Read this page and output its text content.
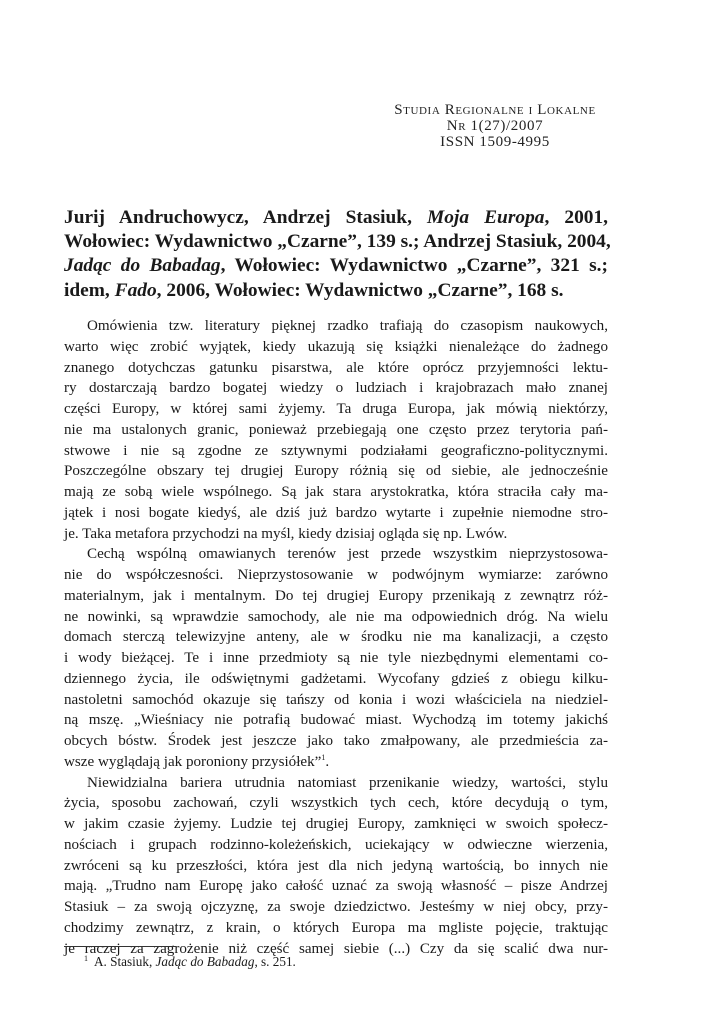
Studia Regionalne i Lokalne
Nr 1(27)/2007
ISSN 1509-4995
Jurij Andruchowycz, Andrzej Stasiuk, Moja Europa, 2001,
Wołowiec: Wydawnictwo „Czarne”, 139 s.; Andrzej Stasiuk, 2004,
Jadąc do Babadag, Wołowiec: Wydawnictwo „Czarne”, 321 s.;
idem, Fado, 2006, Wołowiec: Wydawnictwo „Czarne”, 168 s.
Omówienia tzw. literatury pięknej rzadko trafiają do czasopism naukowych,
warto więc zrobić wyjątek, kiedy ukazują się książki nienależące do żadnego
znanego dotychczas gatunku pisarstwa, ale które oprócz przyjemności lektu-
ry dostarczają bardzo bogatej wiedzy o ludziach i krajobrazach mało znanej
części Europy, w której sami żyjemy. Ta druga Europa, jak mówią niektórzy,
nie ma ustalonych granic, ponieważ przebiegają one często przez terytoria pań-
stwowe i nie są zgodne ze sztywnymi podziałami geograficzno-politycznymi.
Poszczególne obszary tej drugiej Europy różnią się od siebie, ale jednocześnie
mają ze sobą wiele wspólnego. Są jak stara arystokratka, która straciła cały ma-
jątek i nosi bogate kiedyś, ale dziś już bardzo wytarte i zupełnie niemodne stro-
je. Taka metafora przychodzi na myśl, kiedy dzisiaj ogląda się np. Lwów.
Cechą wspólną omawianych terenów jest przede wszystkim nieprzystosowa-
nie do współczesności. Nieprzystosowanie w podwójnym wymiarze: zarówno
materialnym, jak i mentalnym. Do tej drugiej Europy przenikają z zewnątrz róż-
ne nowinki, są wprawdzie samochody, ale nie ma odpowiednich dróg. Na wielu
domach sterczą telewizyjne anteny, ale w środku nie ma kanalizacji, a często
i wody bieżącej. Te i inne przedmioty są nie tyle niezbędnymi elementami co-
dziennego życia, ile odświętnymi gadżetami. Wycofany gdzieś z obiegu kilku-
nastoletni samochód okazuje się tańszy od konia i wozi właściciela na niedziel-
ną mszę. „Wieśniacy nie potrafią budować miast. Wychodzą im totemy jakichś
obcych bóstw. Środek jest jeszcze jako tako zmałpowany, ale przedmieścia za-
wsze wyglądają jak poroniony przysiółek”$^1$.
Niewidzialna bariera utrudnia natomiast przenikanie wiedzy, wartości, stylu
życia, sposobu zachowań, czyli wszystkich tych cech, które decydują o tym,
w jakim czasie żyjemy. Ludzie tej drugiej Europy, zamknięci w swoich społecz-
nościach i grupach rodzinno-koleżeńskich, uciekający w odwieczne wierzenia,
zwróceni są ku przeszłości, która jest dla nich jedyną wartością, bo innych nie
mają. „Trudno nam Europę jako całość uznać za swoją własność – pisze Andrzej
Stasiuk – za swoją ojczyznę, za swoje dziedzictwo. Jesteśmy w niej obcy, przy-
chodzimy zewnątrz, z krain, o których Europa ma mgliste pojęcie, traktując
je raczej za zagrożenie niż część samej siebie (...) Czy da się scalić dwa nur-
$^1$ A. Stasiuk, Jadąc do Babadag, s. 251.
